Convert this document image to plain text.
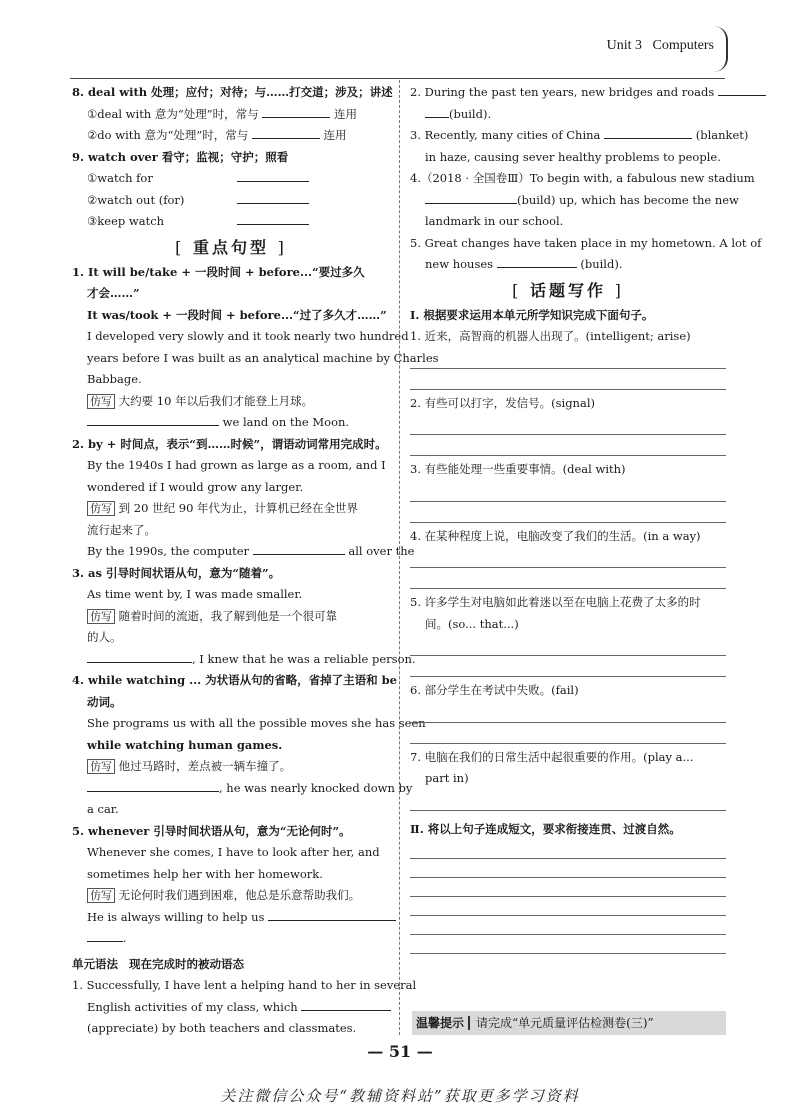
Unit 3 Computers
8. deal with 处理；应付；对待；与……打交道；涉及；讲述
①deal with 意为“处理”时，常与	连用
②do with 意为“处理”时，常与	连用
9. watch over 看守；监视；守护；照看
①watch for
②watch out (for)
③keep watch
[ 重点句型 ]
1. It will be/take + 一段时间 + before...“要过多久
才会……”
It was/took + 一段时间 + before...“过了多久才……”
I developed very slowly and it took nearly two hundred
years before I was built as an analytical machine by Charles
Babbage.
仿写 大约要 10 年以后我们才能登上月球。
we land on the Moon.
2. by + 时间点，表示“到……时候”，谓语动词常用完成时。
By the 1940s I had grown as large as a room, and I
wondered if I would grow any larger.
仿写 到 20 世纪 90 年代为止，计算机已经在全世界
流行起来了。
By the 1990s, the computer	all over the
3. as 引导时间状语从句，意为“随着”。
As time went by, I was made smaller.
仿写 随着时间的流逝，我了解到他是一个很可靠
的人。
, I knew that he was a reliable person.
4. while watching ... 为状语从句的省略，省掉了主语和 be
动词。
She programs us with all the possible moves she has seen
while watching human games.
仿写 他过马路时，差点被一辆车撞了。
, he was nearly knocked down by
a car.
5. whenever 引导时间状语从句，意为“无论何时”。
Whenever she comes, I have to look after her, and
sometimes help her with her homework.
仿写 无论何时我们遇到困难，他总是乐意帮助我们。
He is always willing to help us
.
单元语法 现在完成时的被动语态
1. Successfully, I have lent a helping hand to her in several
English activities of my class, which
(appreciate) by both teachers and classmates.
2. During the past ten years, new bridges and roads
(build).
3. Recently, many cities of China	(blanket)
in haze, causing sever healthy problems to people.
4.（2018 · 全国卷Ⅲ）To begin with, a fabulous new stadium
(build) up, which has become the new
landmark in our school.
5. Great changes have taken place in my hometown. A lot of
new houses	(build).
[ 话题写作 ]
Ⅰ. 根据要求运用本单元所学知识完成下面句子。
1. 近来，高智商的机器人出现了。(intelligent; arise)
2. 有些可以打字，发信号。(signal)
3. 有些能处理一些重要事情。(deal with)
4. 在某种程度上说，电脑改变了我们的生活。(in a way)
5. 许多学生对电脑如此着迷以至在电脑上花费了太多的时
间。(so... that...)
6. 部分学生在考试中失败。(fail)
7. 电脑在我们的日常生活中起很重要的作用。(play a...
part in)
Ⅱ. 将以上句子连成短文，要求衔接连贯、过渡自然。
温馨提示 请完成“单元质量评估检测卷(三)”
— 51 —
关注微信公众号“教辅资料站”获取更多学习资料
